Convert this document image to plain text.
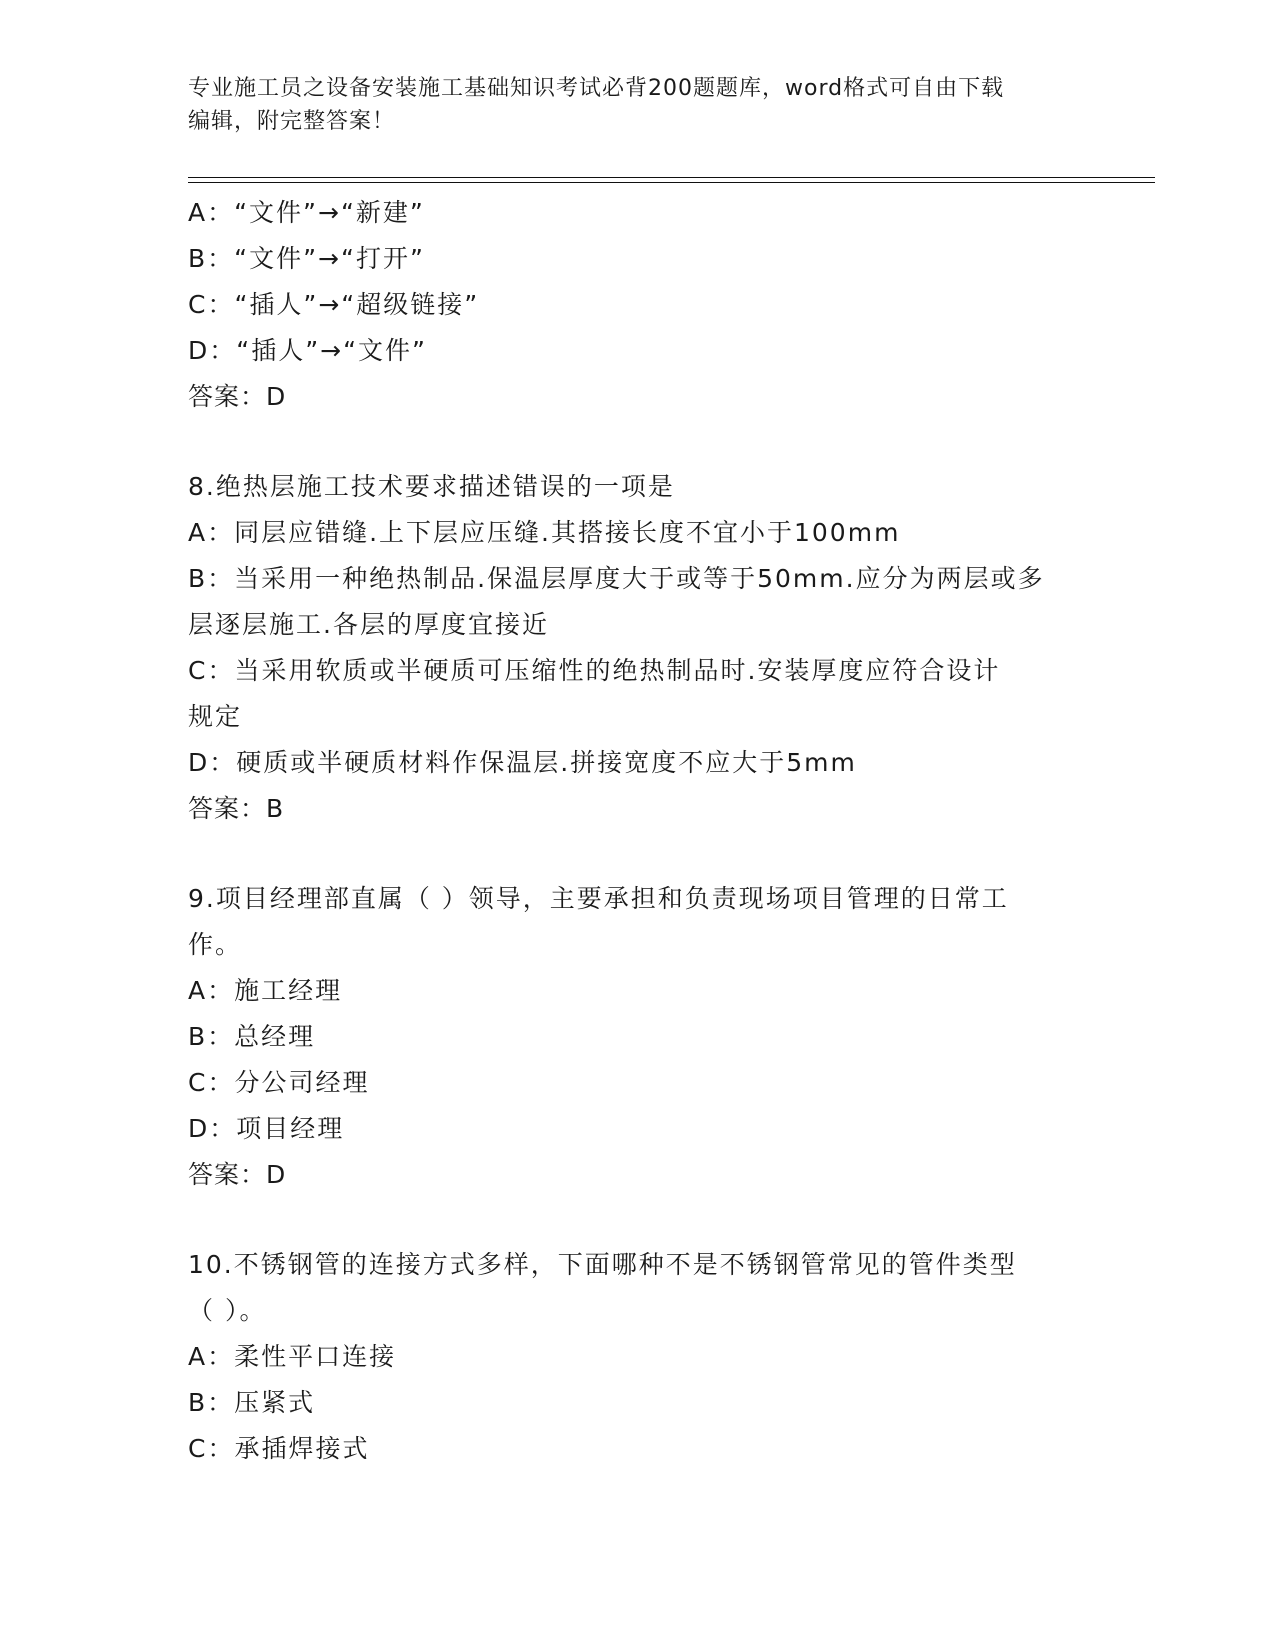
专业施工员之设备安装施工基础知识考试必背200题题库，word格式可自由下载
编辑，附完整答案！
A：“文件”→“新建”
B：“文件”→“打开”
C：“插人”→“超级链接”
D：“插人”→“文件”
答案：D
8.绝热层施工技术要求描述错误的一项是
A：同层应错缝.上下层应压缝.其搭接长度不宜小于100mm
B：当采用一种绝热制品.保温层厚度大于或等于50mm.应分为两层或多
层逐层施工.各层的厚度宜接近
C：当采用软质或半硬质可压缩性的绝热制品时.安装厚度应符合设计
规定
D：硬质或半硬质材料作保温层.拼接宽度不应大于5mm
答案：B
9.项目经理部直属（ ）领导，主要承担和负责现场项目管理的日常工
作。
A：施工经理
B：总经理
C：分公司经理
D：项目经理
答案：D
10.不锈钢管的连接方式多样，下面哪种不是不锈钢管常见的管件类型
（ ）。
A：柔性平口连接
B：压紧式
C：承插焊接式
